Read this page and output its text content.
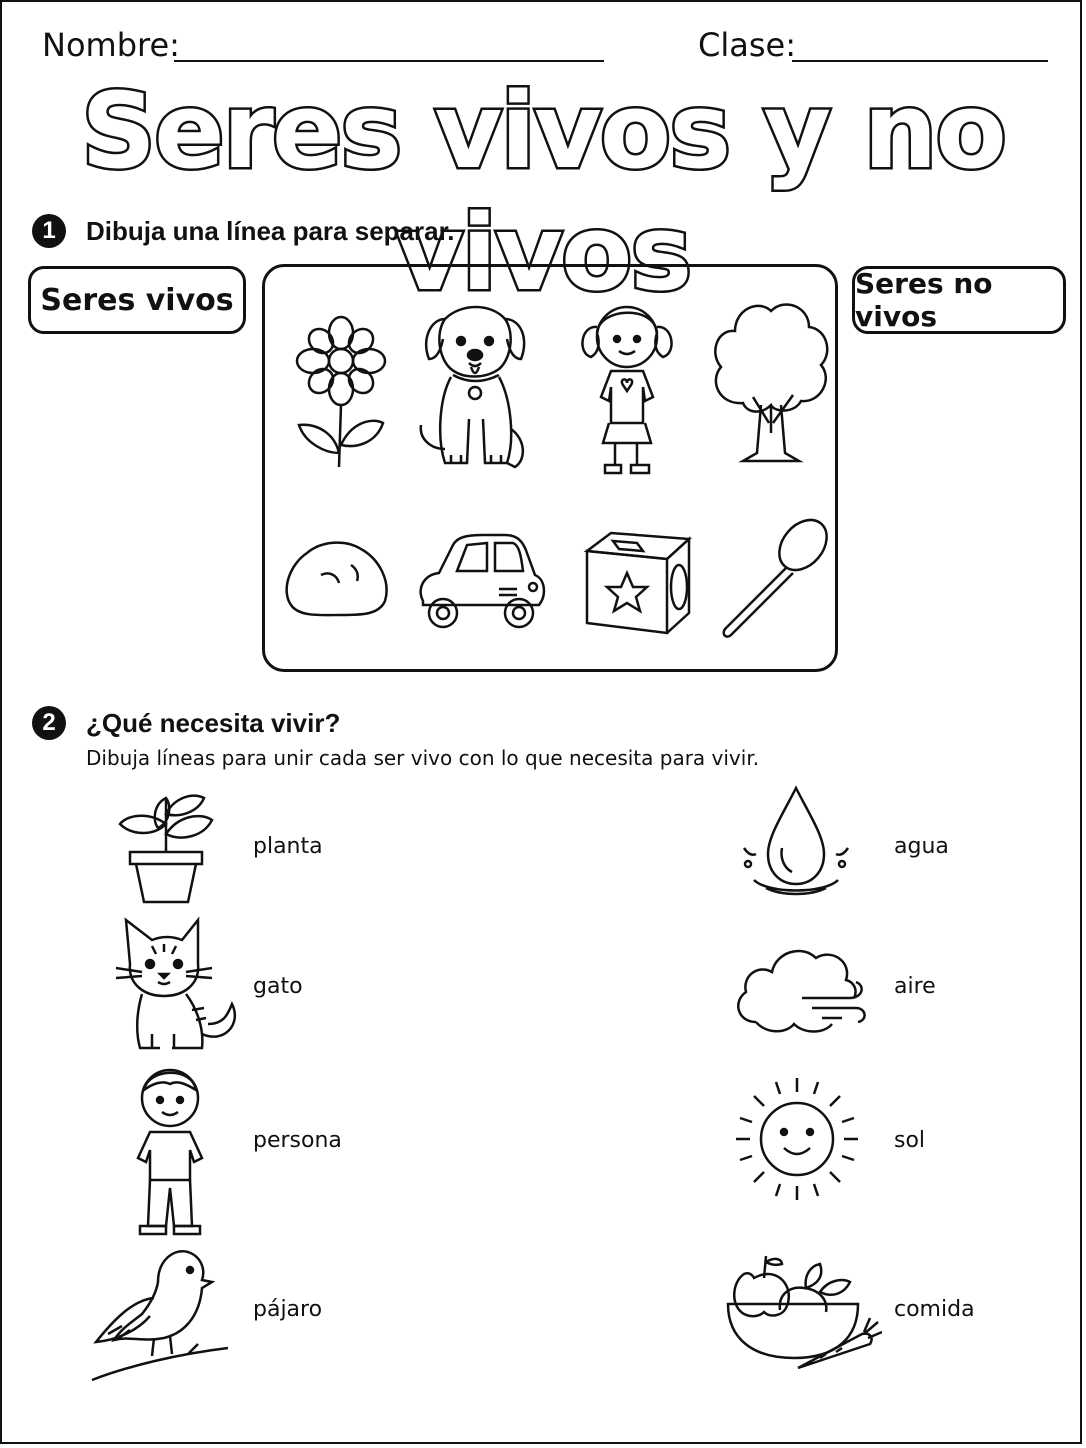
Nombre:	Clase:
Seres vivos y no vivos
1	Dibuja una línea para separar.
Seres vivos	Seres no vivos
2	¿Qué necesita vivir?
Dibuja líneas para unir cada ser vivo con lo que necesita para vivir.
planta
gato
persona
pájaro
agua
aire
sol
comida
